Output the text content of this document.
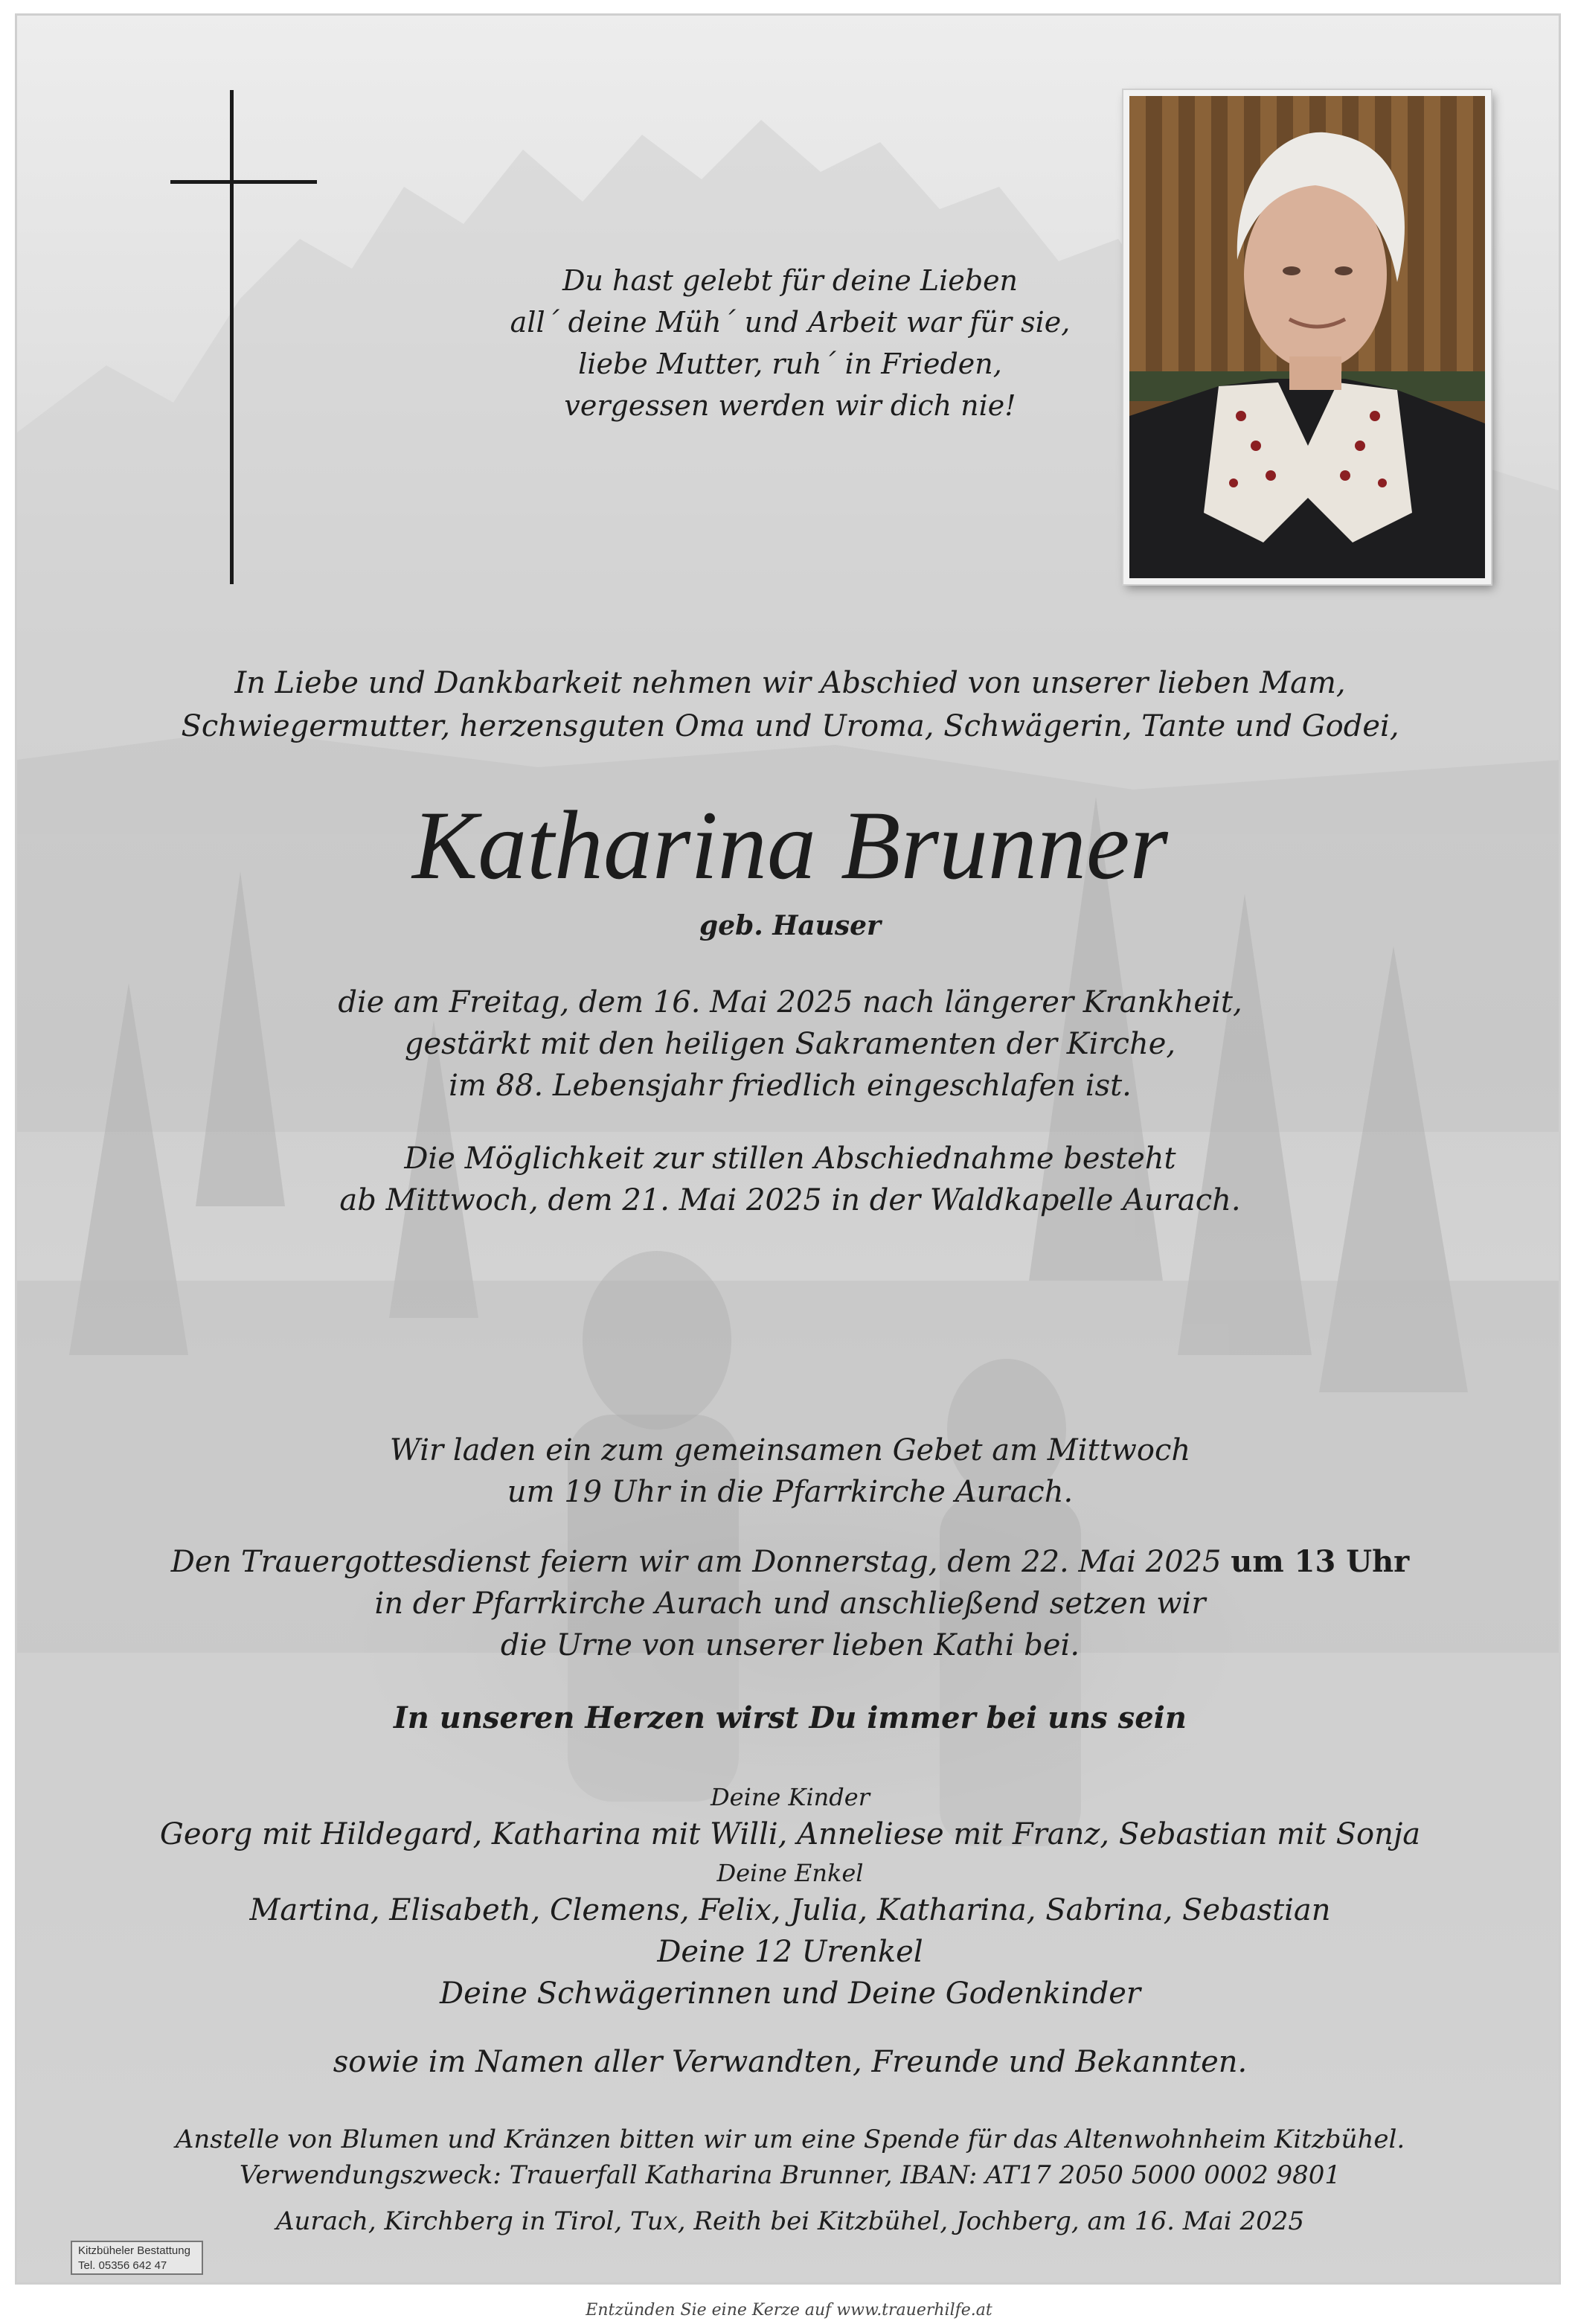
Du hast gelebt für deine Lieben
all´ deine Müh´ und Arbeit war für sie,
liebe Mutter, ruh´ in Frieden,
vergessen werden wir dich nie!
In Liebe und Dankbarkeit nehmen wir Abschied von unserer lieben Mam,
Schwiegermutter, herzensguten Oma und Uroma, Schwägerin, Tante und Godei,
Katharina Brunner
geb. Hauser
die am Freitag, dem 16. Mai 2025 nach längerer Krankheit,
gestärkt mit den heiligen Sakramenten der Kirche,
im 88. Lebensjahr friedlich eingeschlafen ist.
Die Möglichkeit zur stillen Abschiednahme besteht
ab Mittwoch, dem 21. Mai 2025 in der Waldkapelle Aurach.
Wir laden ein zum gemeinsamen Gebet am Mittwoch
um 19 Uhr in die Pfarrkirche Aurach.
Den Trauergottesdienst feiern wir am Donnerstag, dem 22. Mai 2025 um 13 Uhr
in der Pfarrkirche Aurach und anschließend setzen wir
die Urne von unserer lieben Kathi bei.
In unseren Herzen wirst Du immer bei uns sein
Deine Kinder
Georg mit Hildegard, Katharina mit Willi, Anneliese mit Franz, Sebastian mit Sonja
Deine Enkel
Martina, Elisabeth, Clemens, Felix, Julia, Katharina, Sabrina, Sebastian
Deine 12 Urenkel
Deine Schwägerinnen und Deine Godenkinder
sowie im Namen aller Verwandten, Freunde und Bekannten.
Anstelle von Blumen und Kränzen bitten wir um eine Spende für das Altenwohnheim Kitzbühel.
Verwendungszweck: Trauerfall Katharina Brunner, IBAN: AT17 2050 5000 0002 9801
Aurach, Kirchberg in Tirol, Tux, Reith bei Kitzbühel, Jochberg, am 16. Mai 2025
Kitzbüheler Bestattung
Tel. 05356 642 47
Entzünden Sie eine Kerze auf www.trauerhilfe.at
